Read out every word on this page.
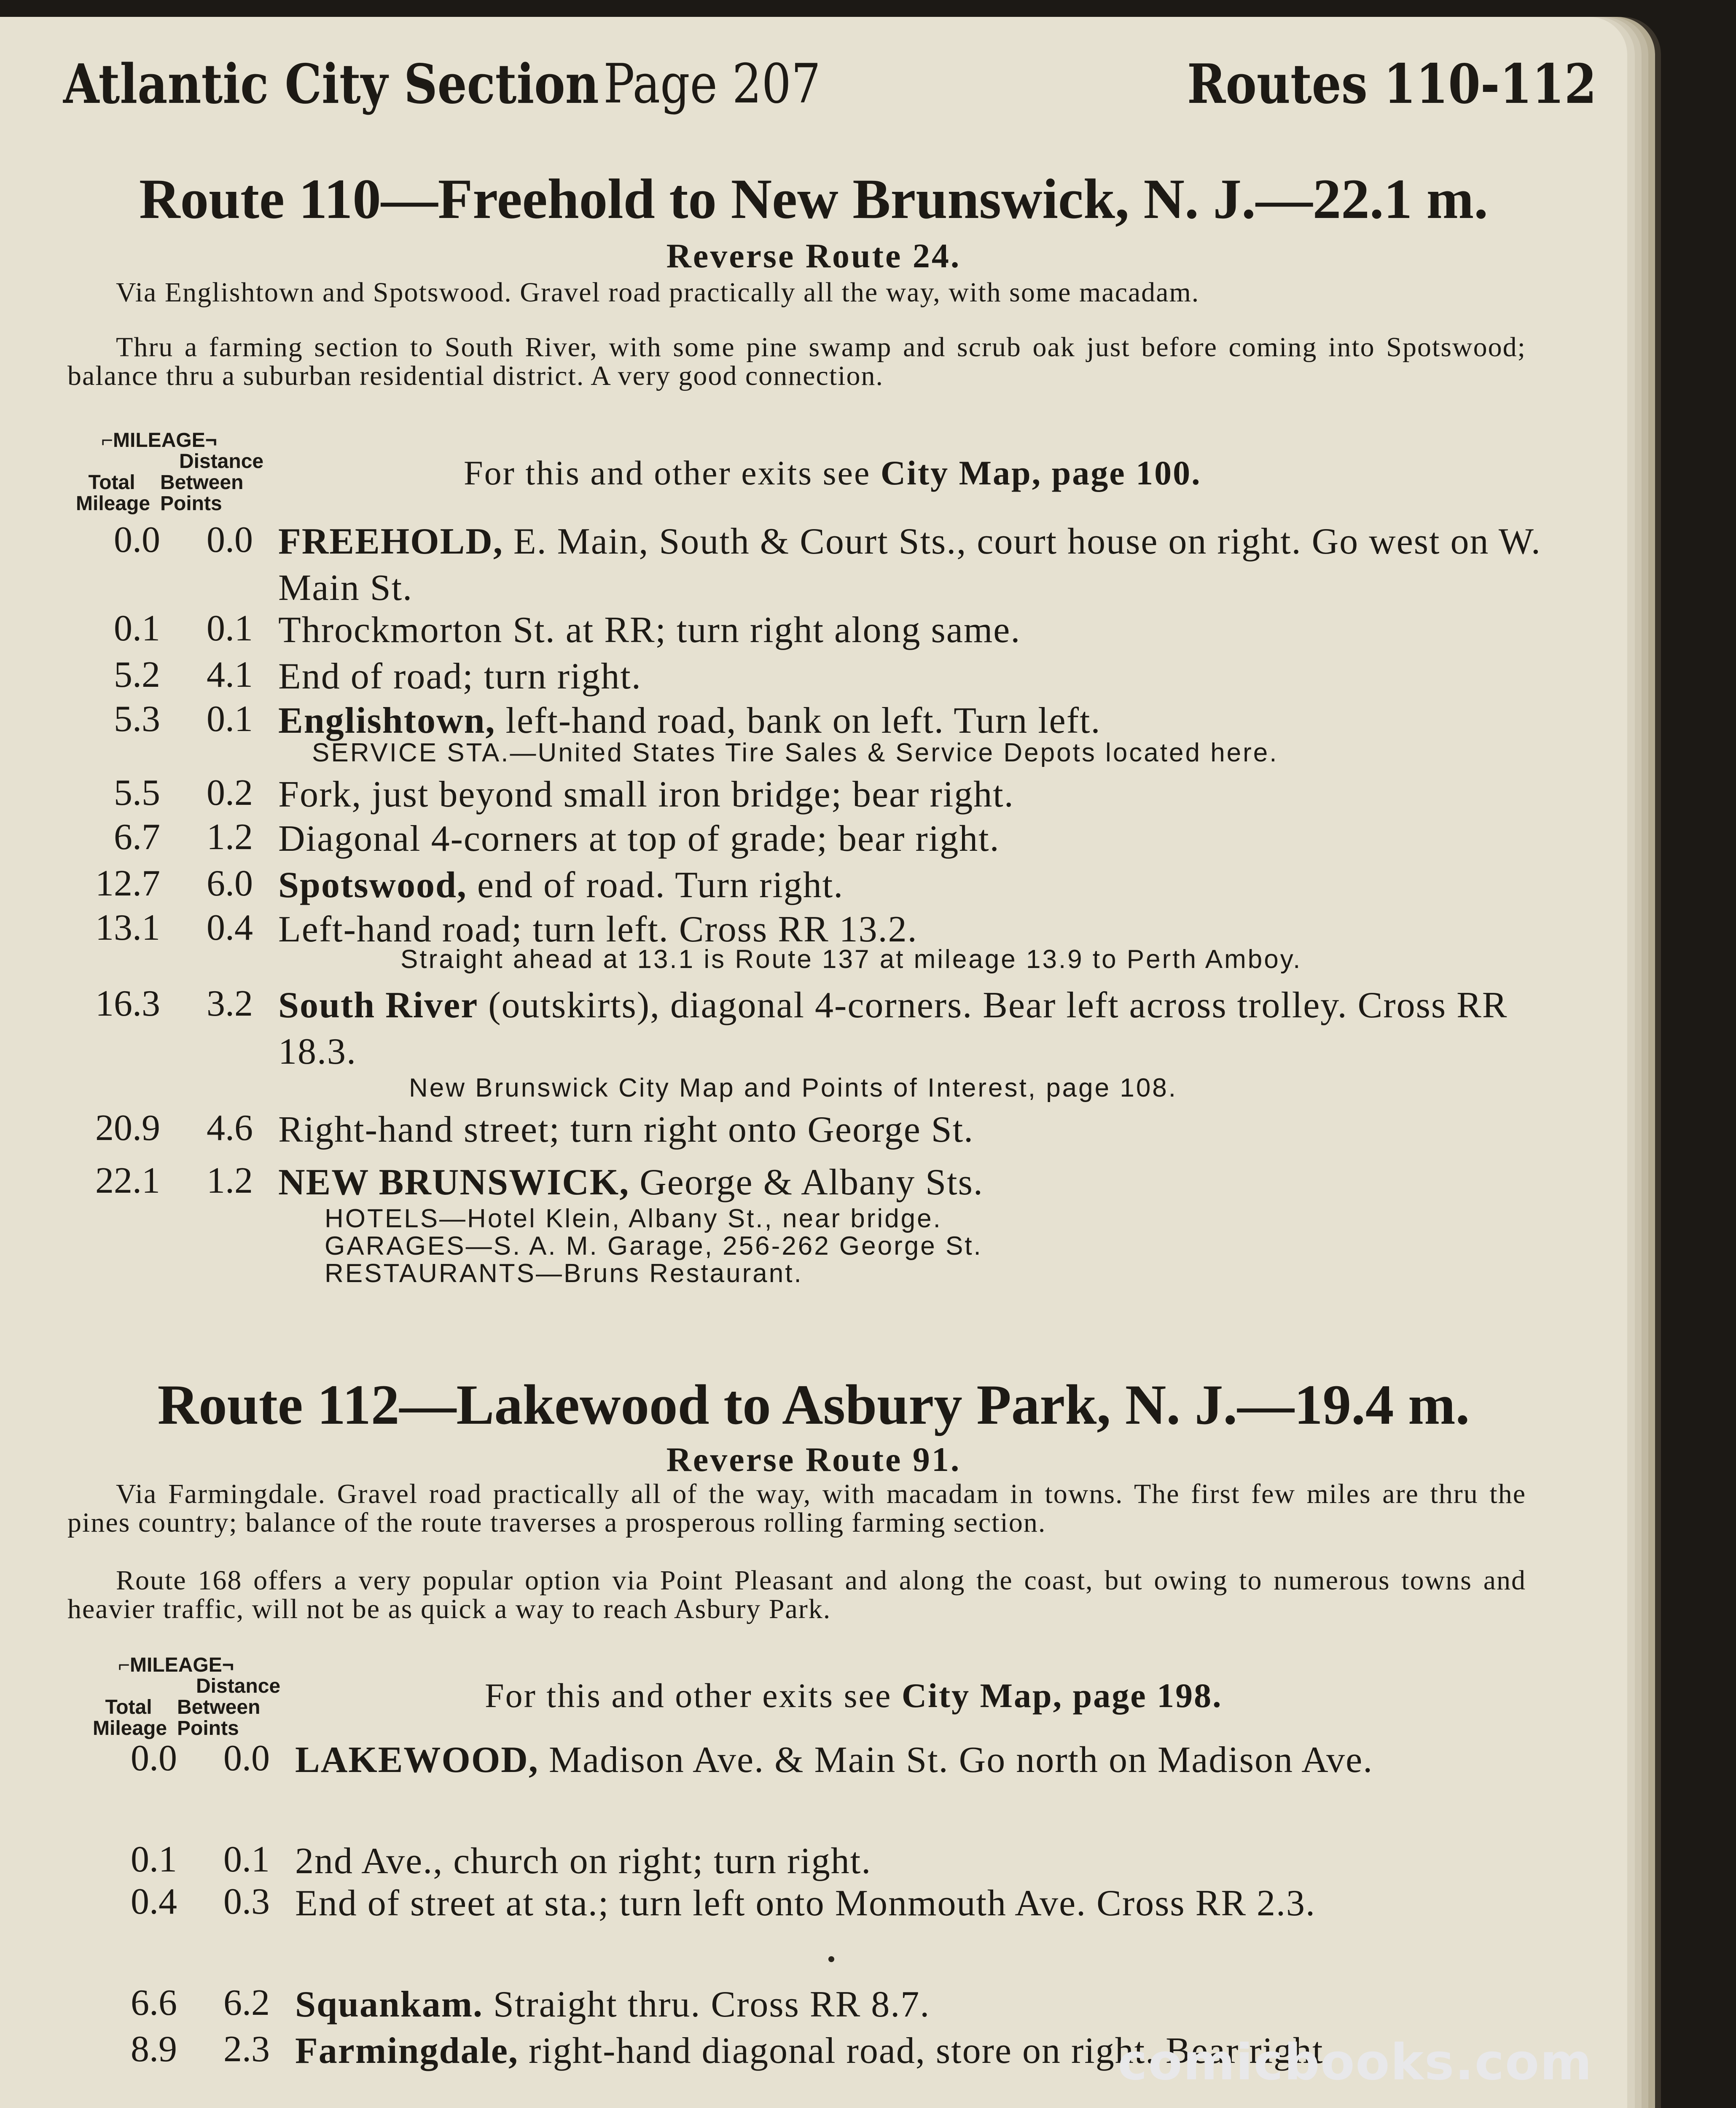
Atlantic City Section Page 207	Routes 110-112
Route 110—Freehold to New Brunswick, N. J.—22.1 m.
Reverse Route 24.
Via Englishtown and Spotswood. Gravel road practically all the way, with some macadam.
Thru a farming section to South River, with some pine swamp and scrub oak just before coming into Spotswood; balance thru a suburban residential district. A very good connection.
⌐MILEAGE¬
Distance
Total	Between
Mileage Points
For this and other exits see City Map, page 100.
0.0	0.0 FREEHOLD, E. Main, South & Court Sts., court house on right. Go west on W. Main St.
0.1	0.1 Throckmorton St. at RR; turn right along same.
5.2	4.1 End of road; turn right.
5.3	0.1 Englishtown, left-hand road, bank on left. Turn left.
SERVICE STA.—United States Tire Sales & Service Depots located here.
5.5	0.2 Fork, just beyond small iron bridge; bear right.
6.7	1.2 Diagonal 4-corners at top of grade; bear right.
12.7	6.0 Spotswood, end of road. Turn right.
13.1	0.4 Left-hand road; turn left. Cross RR 13.2.
Straight ahead at 13.1 is Route 137 at mileage 13.9 to Perth Amboy.
16.3	3.2 South River (outskirts), diagonal 4-corners. Bear left across trolley. Cross RR 18.3.
New Brunswick City Map and Points of Interest, page 108.
20.9	4.6 Right-hand street; turn right onto George St.
22.1	1.2 NEW BRUNSWICK, George & Albany Sts.
HOTELS—Hotel Klein, Albany St., near bridge.
GARAGES—S. A. M. Garage, 256-262 George St.
RESTAURANTS—Bruns Restaurant.
Route 112—Lakewood to Asbury Park, N. J.—19.4 m.
Reverse Route 91.
Via Farmingdale. Gravel road practically all of the way, with macadam in towns. The first few miles are thru the pines country; balance of the route traverses a prosperous rolling farming section.
Route 168 offers a very popular option via Point Pleasant and along the coast, but owing to numerous towns and heavier traffic, will not be as quick a way to reach Asbury Park.
⌐MILEAGE¬
Distance
Total	Between
Mileage Points
For this and other exits see City Map, page 198.
0.0	0.0 LAKEWOOD, Madison Ave. & Main St. Go north on Madison Ave.
0.1	0.1 2nd Ave., church on right; turn right.
0.4	0.3 End of street at sta.; turn left onto Monmouth Ave. Cross RR 2.3.
6.6	6.2 Squankam. Straight thru. Cross RR 8.7.
8.9	2.3 Farmingdale, right-hand diagonal road, store on right. Bear right.
comicbooks.com
